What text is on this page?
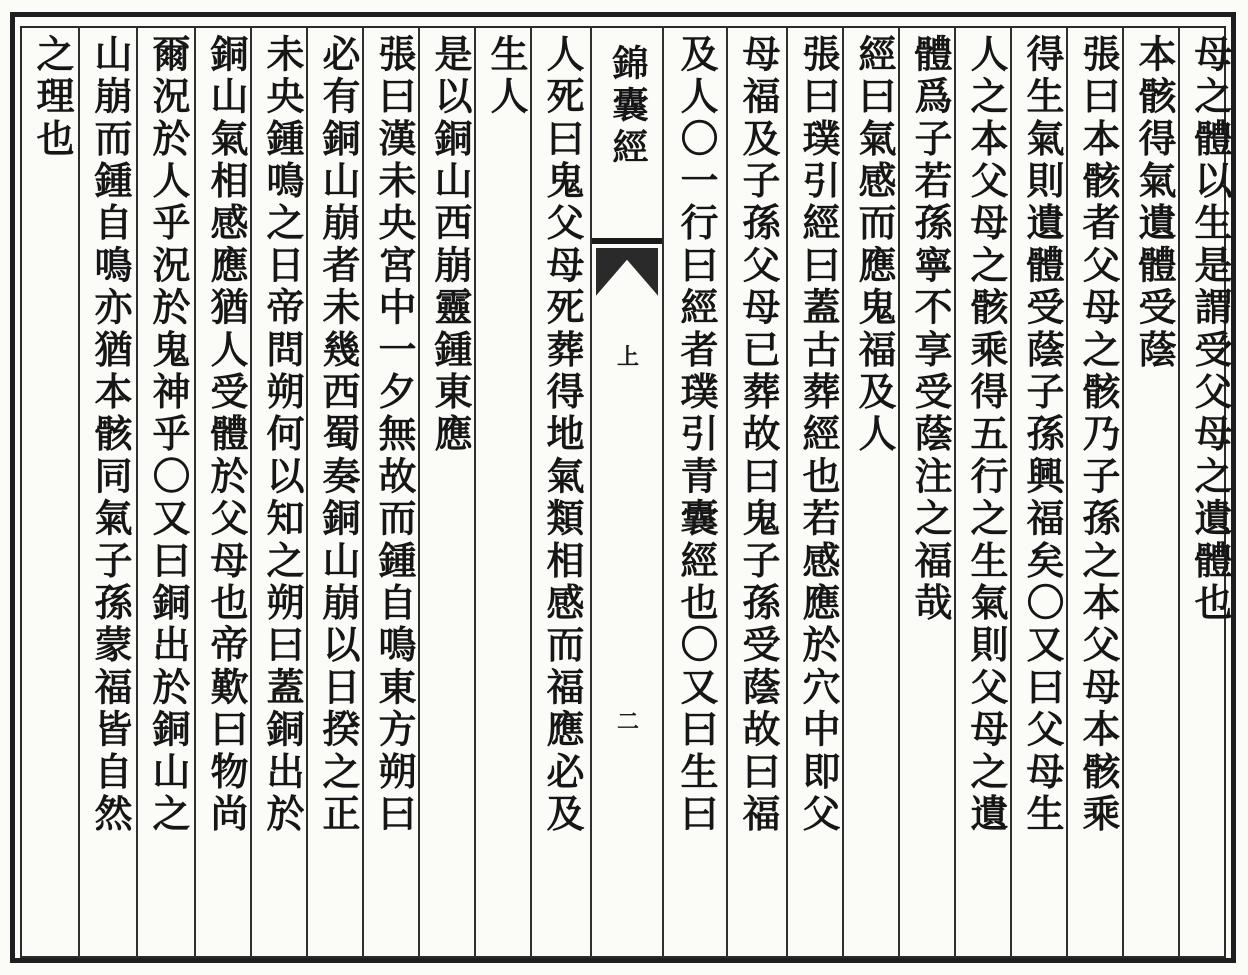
母之體以生是謂受父母之遺體也
本骸得氣遺體受蔭
張曰本骸者父母之骸乃子孫之本父母本骸乘
得生氣則遺體受蔭子孫興福矣〇又曰父母生
人之本父母之骸乘得五行之生氣則父母之遺
體爲子若孫寧不享受蔭注之福哉
經曰氣感而應鬼福及人
張曰璞引經曰蓋古葬經也若感應於穴中即父
母福及子孫父母已葬故曰鬼子孫受蔭故曰福
及人〇一行曰經者璞引青囊經也〇又曰生曰
錦囊經
上
二
人死曰鬼父母死葬得地氣類相感而福應必及
生人
是以銅山西崩靈鍾東應
張曰漢未央宮中一夕無故而鍾自鳴東方朔曰
必有銅山崩者未幾西蜀奏銅山崩以日揆之正
未央鍾鳴之日帝問朔何以知之朔曰蓋銅出於
銅山氣相感應猶人受體於父母也帝歎曰物尚
爾況於人乎況於鬼神乎〇又曰銅出於銅山之
山崩而鍾自鳴亦猶本骸同氣子孫蒙福皆自然
之理也
